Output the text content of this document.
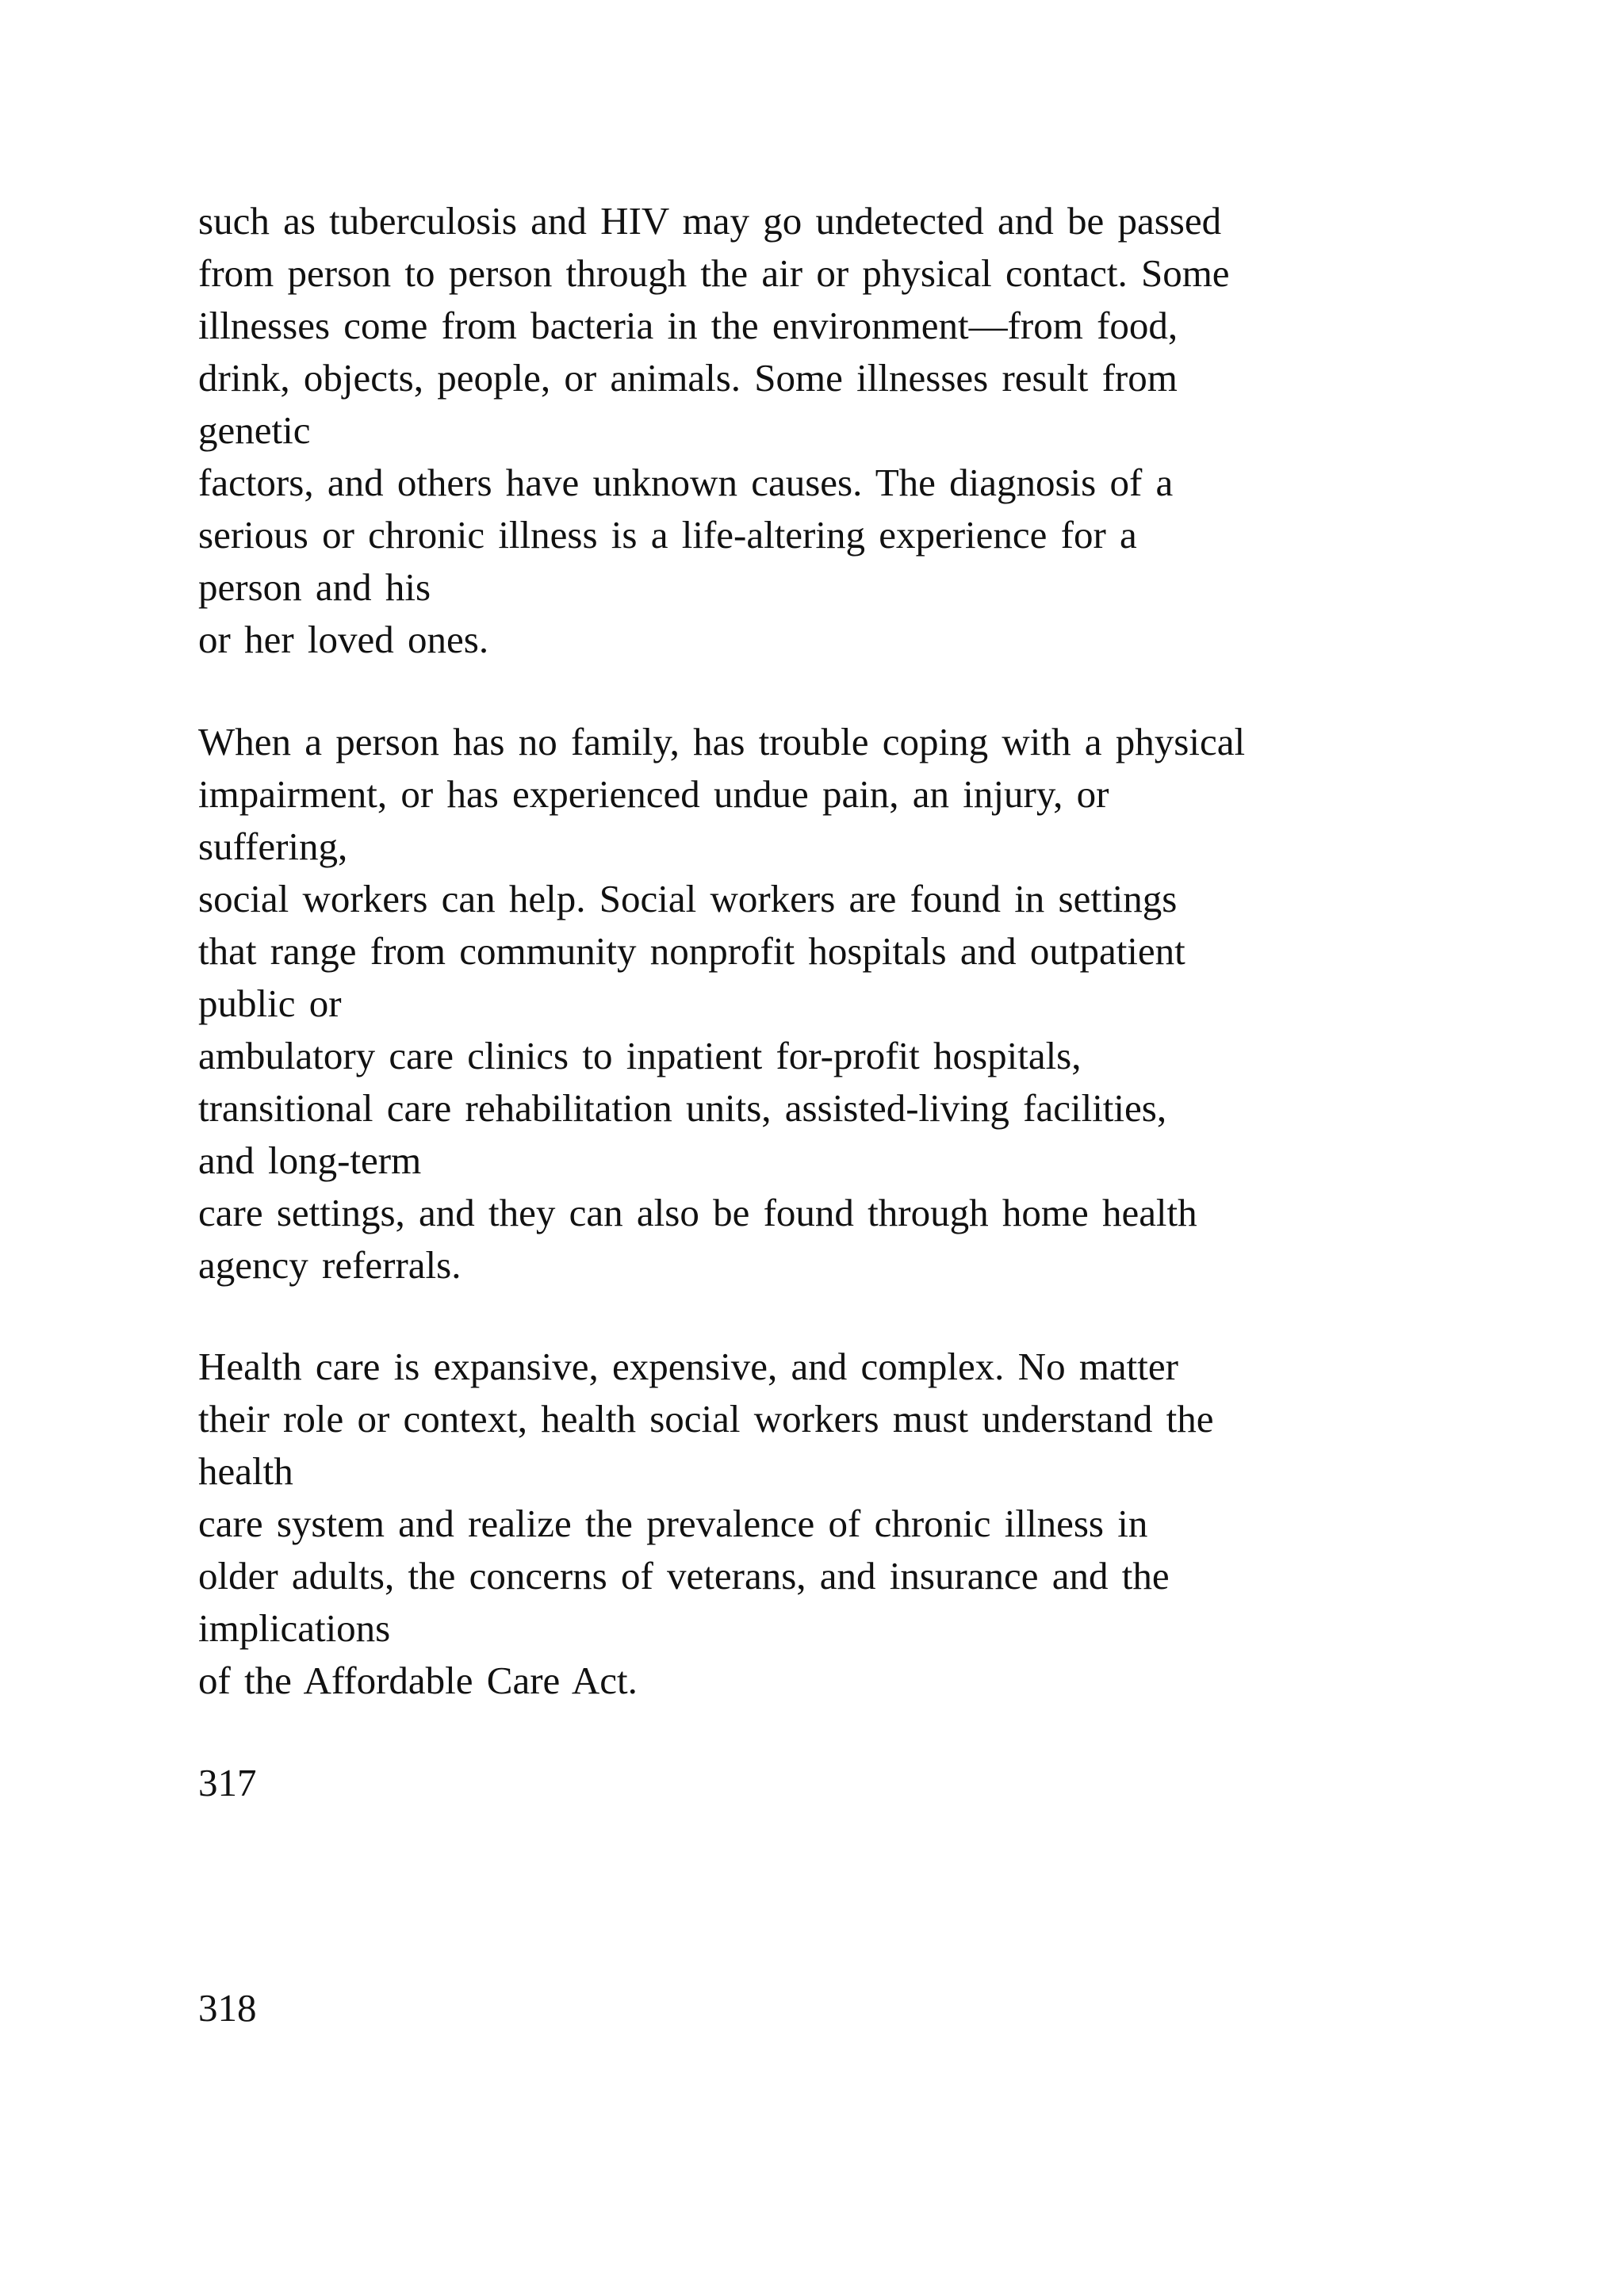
such as tuberculosis and HIV may go undetected and be passed
from person to person through the air or physical contact. Some
illnesses come from bacteria in the environment—from food,
drink, objects, people, or animals. Some illnesses result from
genetic
factors, and others have unknown causes. The diagnosis of a
serious or chronic illness is a life-altering experience for a
person and his
or her loved ones.
When a person has no family, has trouble coping with a physical
impairment, or has experienced undue pain, an injury, or
suffering,
social workers can help. Social workers are found in settings
that range from community nonprofit hospitals and outpatient
public or
ambulatory care clinics to inpatient for-profit hospitals,
transitional care rehabilitation units, assisted-living facilities,
and long-term
care settings, and they can also be found through home health
agency referrals.
Health care is expansive, expensive, and complex. No matter
their role or context, health social workers must understand the
health
care system and realize the prevalence of chronic illness in
older adults, the concerns of veterans, and insurance and the
implications
of the Affordable Care Act.
317
318
